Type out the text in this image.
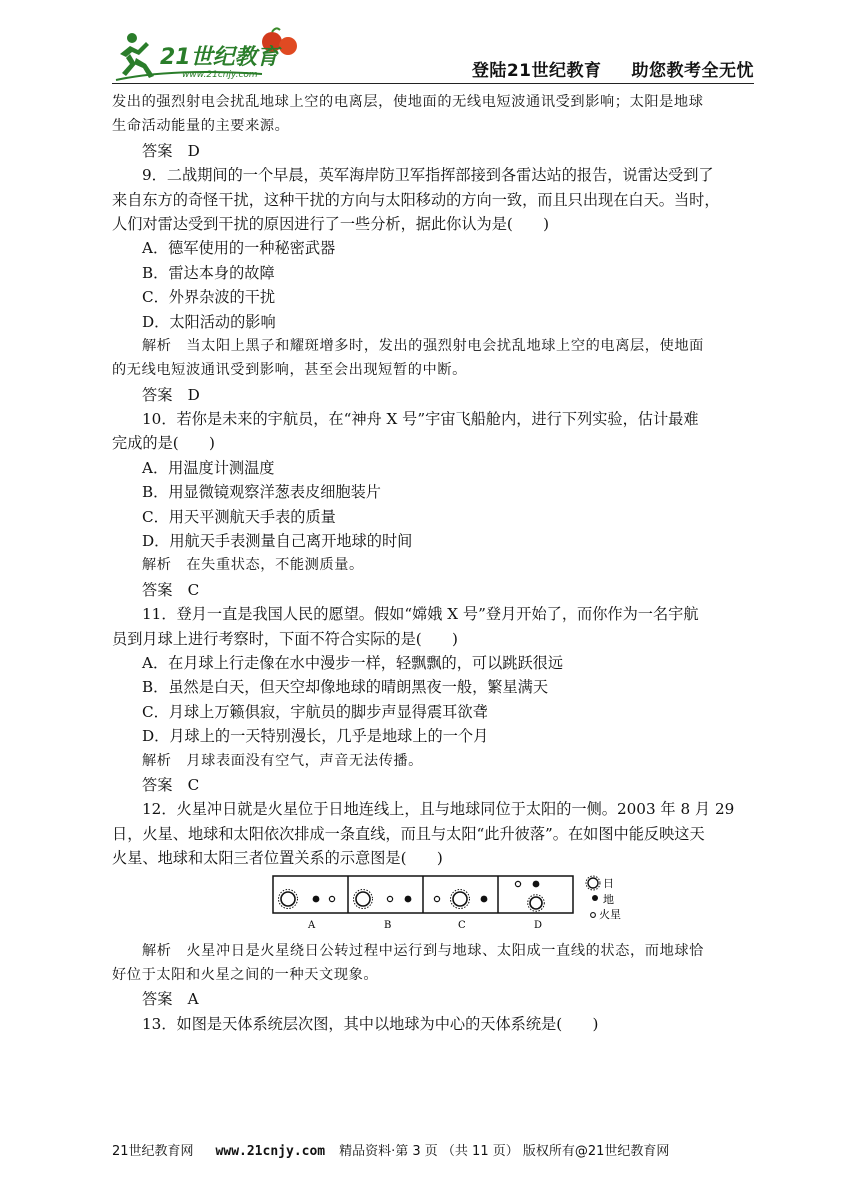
21世纪教育
www.21cnjy.com	登陆21世纪教育 助您教考全无忧
发出的强烈射电会扰乱地球上空的电离层，使地面的无线电短波通讯受到影响；太阳是地球
生命活动能量的主要来源。
答案　D
9．二战期间的一个早晨，英军海岸防卫军指挥部接到各雷达站的报告，说雷达受到了
来自东方的奇怪干扰，这种干扰的方向与太阳移动的方向一致，而且只出现在白天。当时，
人们对雷达受到干扰的原因进行了一些分析，据此你认为是(　　)
A．德军使用的一种秘密武器
B．雷达本身的故障
C．外界杂波的干扰
D．太阳活动的影响
解析　当太阳上黑子和耀斑增多时，发出的强烈射电会扰乱地球上空的电离层，使地面
的无线电短波通讯受到影响，甚至会出现短暂的中断。
答案　D
10．若你是未来的宇航员，在“神舟 X 号”宇宙飞船舱内，进行下列实验，估计最难
完成的是(　　)
A．用温度计测温度
B．用显微镜观察洋葱表皮细胞装片
C．用天平测航天手表的质量
D．用航天手表测量自己离开地球的时间
解析　在失重状态，不能测质量。
答案　C
11．登月一直是我国人民的愿望。假如“嫦娥 X 号”登月开始了，而你作为一名宇航
员到月球上进行考察时，下面不符合实际的是(　　)
A．在月球上行走像在水中漫步一样，轻飘飘的，可以跳跃很远
B．虽然是白天，但天空却像地球的晴朗黑夜一般，繁星满天
C．月球上万籁俱寂，宇航员的脚步声显得震耳欲聋
D．月球上的一天特别漫长，几乎是地球上的一个月
解析　月球表面没有空气，声音无法传播。
答案　C
12．火星冲日就是火星位于日地连线上，且与地球同位于太阳的一侧。2003 年 8 月 29
日，火星、地球和太阳依次排成一条直线，而且与太阳“此升彼落”。在如图中能反映这天
火星、地球和太阳三者位置关系的示意图是(　　)
A	B	C	D
日
地
火星
解析　火星冲日是火星绕日公转过程中运行到与地球、太阳成一直线的状态，而地球恰
好位于太阳和火星之间的一种天文现象。
答案　A
13．如图是天体系统层次图，其中以地球为中心的天体系统是(　　)
21世纪教育网 www.21cnjy.com 精品资料·第 3 页 （共 11 页） 版权所有@21世纪教育网
